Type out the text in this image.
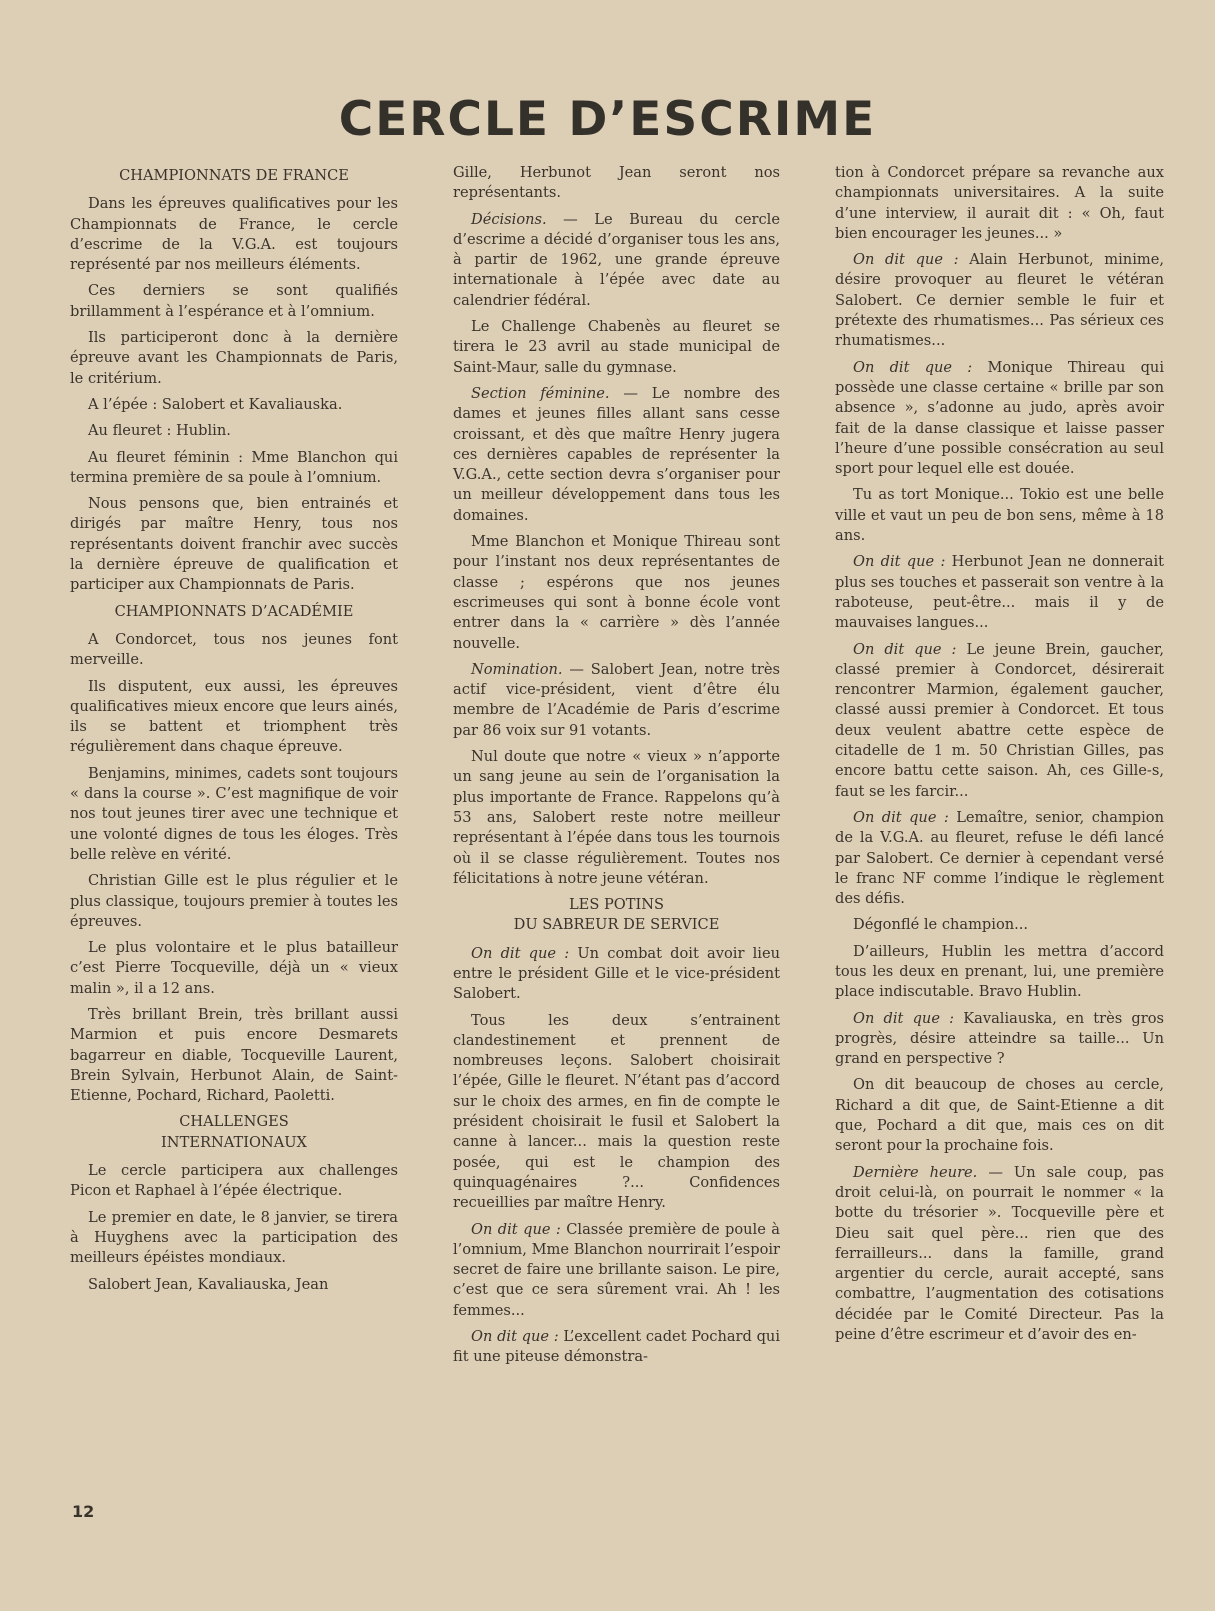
CERCLE D’ESCRIME
CHAMPIONNATS DE FRANCE

Dans les épreuves qualificatives pour les Championnats de France, le cercle d’escrime de la V.G.A. est toujours représenté par nos meilleurs éléments.

Ces derniers se sont qualifiés brillamment à l’espérance et à l’omnium.

Ils participeront donc à la dernière épreuve avant les Championnats de Paris, le critérium.

A l’épée : Salobert et Kavaliauska.

Au fleuret : Hublin.

Au fleuret féminin : Mme Blanchon qui termina première de sa poule à l’omnium.

Nous pensons que, bien entrainés et dirigés par maître Henry, tous nos représentants doivent franchir avec succès la dernière épreuve de qualification et participer aux Championnats de Paris.

CHAMPIONNATS D’ACADÉMIE

A Condorcet, tous nos jeunes font merveille.

Ils disputent, eux aussi, les épreuves qualificatives mieux encore que leurs ainés, ils se battent et triomphent très régulièrement dans chaque épreuve.

Benjamins, minimes, cadets sont toujours « dans la course ». C’est magnifique de voir nos tout jeunes tirer avec une technique et une volonté dignes de tous les éloges. Très belle relève en vérité.

Christian Gille est le plus régulier et le plus classique, toujours premier à toutes les épreuves.

Le plus volontaire et le plus batailleur c’est Pierre Tocqueville, déjà un « vieux malin », il a 12 ans.

Très brillant Brein, très brillant aussi Marmion et puis encore Desmarets bagarreur en diable, Tocqueville Laurent, Brein Sylvain, Herbunot Alain, de Saint-Etienne, Pochard, Richard, Paoletti.

CHALLENGES
INTERNATIONAUX

Le cercle participera aux challenges Picon et Raphael à l’épée électrique.

Le premier en date, le 8 janvier, se tirera à Huyghens avec la participation des meilleurs épéistes mondiaux.

Salobert Jean, Kavaliauska, Jean

Gille, Herbunot Jean seront nos représentants.

Décisions. — Le Bureau du cercle d’escrime a décidé d’organiser tous les ans, à partir de 1962, une grande épreuve internationale à l’épée avec date au calendrier fédéral.

Le Challenge Chabenès au fleuret se tirera le 23 avril au stade municipal de Saint-Maur, salle du gymnase.

Section féminine. — Le nombre des dames et jeunes filles allant sans cesse croissant, et dès que maître Henry jugera ces dernières capables de représenter la V.G.A., cette section devra s’organiser pour un meilleur développement dans tous les domaines.

Mme Blanchon et Monique Thireau sont pour l’instant nos deux représentantes de classe ; espérons que nos jeunes escrimeuses qui sont à bonne école vont entrer dans la « carrière » dès l’année nouvelle.

Nomination. — Salobert Jean, notre très actif vice-président, vient d’être élu membre de l’Académie de Paris d’escrime par 86 voix sur 91 votants.

Nul doute que notre « vieux » n’apporte un sang jeune au sein de l’organisation la plus importante de France. Rappelons qu’à 53 ans, Salobert reste notre meilleur représentant à l’épée dans tous les tournois où il se classe régulièrement. Toutes nos félicitations à notre jeune vétéran.

LES POTINS
DU SABREUR DE SERVICE

On dit que : Un combat doit avoir lieu entre le président Gille et le vice-président Salobert.

Tous les deux s’entrainent clandestinement et prennent de nombreuses leçons. Salobert choisirait l’épée, Gille le fleuret. N’étant pas d’accord sur le choix des armes, en fin de compte le président choisirait le fusil et Salobert la canne à lancer... mais la question reste posée, qui est le champion des quinquagénaires ?... Confidences recueillies par maître Henry.

On dit que : Classée première de poule à l’omnium, Mme Blanchon nourrirait l’espoir secret de faire une brillante saison. Le pire, c’est que ce sera sûrement vrai. Ah ! les femmes...

On dit que : L’excellent cadet Pochard qui fit une piteuse démonstra-

tion à Condorcet prépare sa revanche aux championnats universitaires. A la suite d’une interview, il aurait dit : « Oh, faut bien encourager les jeunes... »

On dit que : Alain Herbunot, minime, désire provoquer au fleuret le vétéran Salobert. Ce dernier semble le fuir et prétexte des rhumatismes... Pas sérieux ces rhumatismes...

On dit que : Monique Thireau qui possède une classe certaine « brille par son absence », s’adonne au judo, après avoir fait de la danse classique et laisse passer l’heure d’une possible consécration au seul sport pour lequel elle est douée.

Tu as tort Monique... Tokio est une belle ville et vaut un peu de bon sens, même à 18 ans.

On dit que : Herbunot Jean ne donnerait plus ses touches et passerait son ventre à la raboteuse, peut-être... mais il y de mauvaises langues...

On dit que : Le jeune Brein, gaucher, classé premier à Condorcet, désirerait rencontrer Marmion, également gaucher, classé aussi premier à Condorcet. Et tous deux veulent abattre cette espèce de citadelle de 1 m. 50 Christian Gilles, pas encore battu cette saison. Ah, ces Gille-s, faut se les farcir...

On dit que : Lemaître, senior, champion de la V.G.A. au fleuret, refuse le défi lancé par Salobert. Ce dernier à cependant versé le franc NF comme l’indique le règlement des défis.

Dégonflé le champion...

D’ailleurs, Hublin les mettra d’accord tous les deux en prenant, lui, une première place indiscutable. Bravo Hublin.

On dit que : Kavaliauska, en très gros progrès, désire atteindre sa taille... Un grand en perspective ?

On dit beaucoup de choses au cercle, Richard a dit que, de Saint-Etienne a dit que, Pochard a dit que, mais ces on dit seront pour la prochaine fois.

Dernière heure. — Un sale coup, pas droit celui-là, on pourrait le nommer « la botte du trésorier ». Tocqueville père et Dieu sait quel père... rien que des ferrailleurs... dans la famille, grand argentier du cercle, aurait accepté, sans combattre, l’augmentation des cotisations décidée par le Comité Directeur. Pas la peine d’être escrimeur et d’avoir des en-

12
